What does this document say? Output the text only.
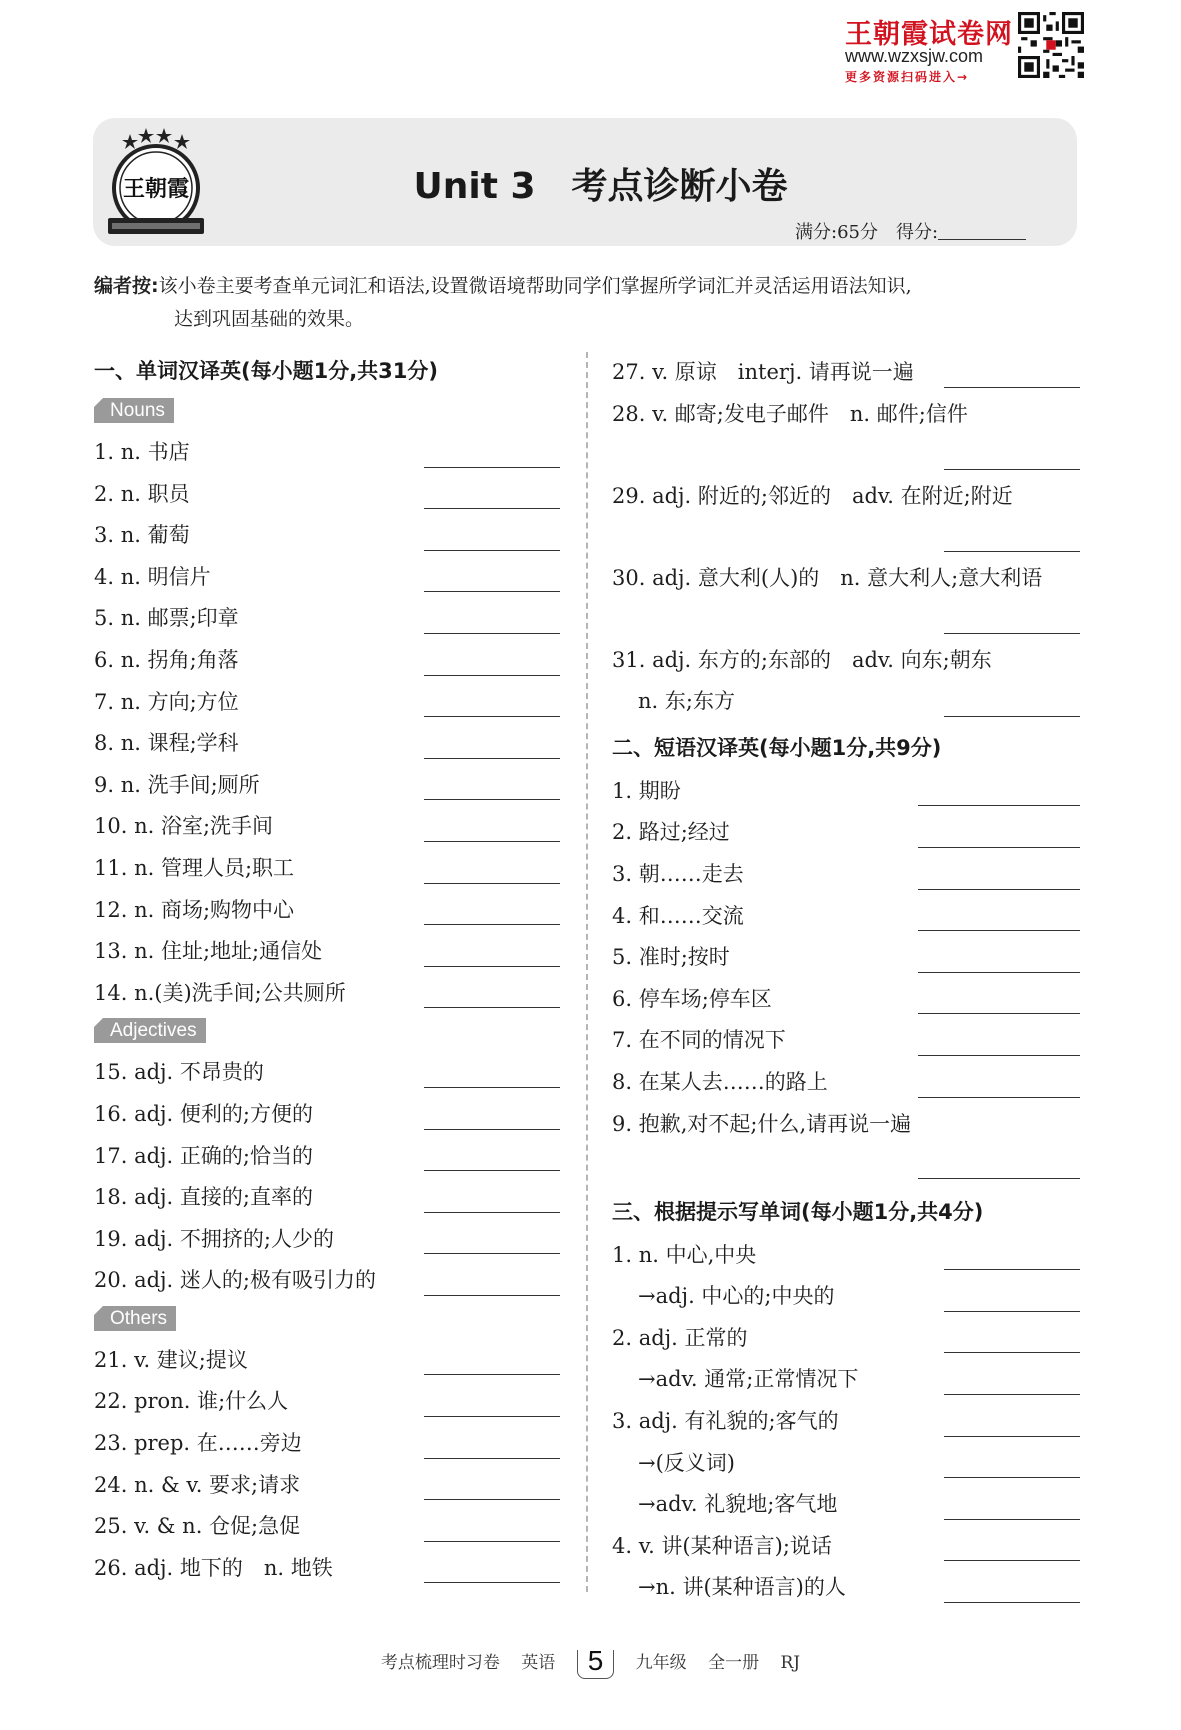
王朝霞试卷网
www.wzxsjw.com
更多资源扫码进入→
王朝霞	Unit 3　考点诊断小卷
满分:65分　得分:
编者按:该小卷主要考查单元词汇和语法,设置微语境帮助同学们掌握所学词汇并灵活运用语法知识,
达到巩固基础的效果。
一、单词汉译英(每小题1分,共31分)
Nouns
1. n. 书店
2. n. 职员
3. n. 葡萄
4. n. 明信片
5. n. 邮票;印章
6. n. 拐角;角落
7. n. 方向;方位
8. n. 课程;学科
9. n. 洗手间;厕所
10. n. 浴室;洗手间
11. n. 管理人员;职工
12. n. 商场;购物中心
13. n. 住址;地址;通信处
14. n.(美)洗手间;公共厕所
Adjectives
15. adj. 不昂贵的
16. adj. 便利的;方便的
17. adj. 正确的;恰当的
18. adj. 直接的;直率的
19. adj. 不拥挤的;人少的
20. adj. 迷人的;极有吸引力的
Others
21. v. 建议;提议
22. pron. 谁;什么人
23. prep. 在……旁边
24. n. & v. 要求;请求
25. v. & n. 仓促;急促
26. adj. 地下的　n. 地铁
27. v. 原谅　interj. 请再说一遍
28. v. 邮寄;发电子邮件　n. 邮件;信件
29. adj. 附近的;邻近的　adv. 在附近;附近
30. adj. 意大利(人)的　n. 意大利人;意大利语
31. adj. 东方的;东部的　adv. 向东;朝东
n. 东;东方
二、短语汉译英(每小题1分,共9分)
1. 期盼
2. 路过;经过
3. 朝……走去
4. 和……交流
5. 准时;按时
6. 停车场;停车区
7. 在不同的情况下
8. 在某人去……的路上
9. 抱歉,对不起;什么,请再说一遍
三、根据提示写单词(每小题1分,共4分)
1. n. 中心,中央
→adj. 中心的;中央的
2. adj. 正常的
→adv. 通常;正常情况下
3. adj. 有礼貌的;客气的
→(反义词)
→adv. 礼貌地;客气地
4. v. 讲(某种语言);说话
→n. 讲(某种语言)的人
考点梳理时习卷 英语 5 九年级 全一册 RJ
